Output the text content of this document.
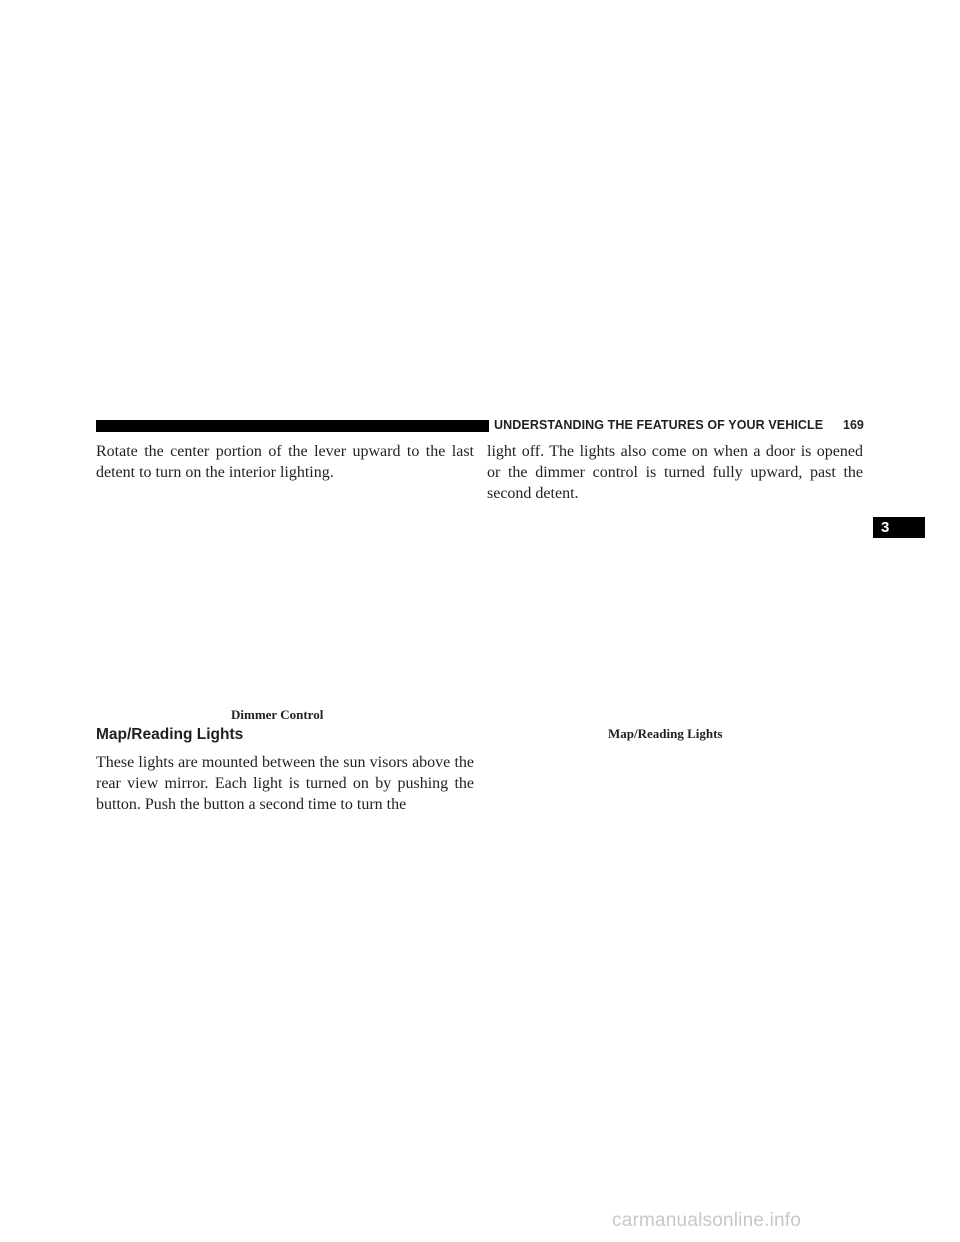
UNDERSTANDING THE FEATURES OF YOUR VEHICLE 169

Rotate the center portion of the lever upward to the last detent to turn on the interior lighting.

Dimmer Control
Map/Reading Lights

These lights are mounted between the sun visors above the rear view mirror. Each light is turned on by pushing the button. Push the button a second time to turn the

light off. The lights also come on when a door is opened or the dimmer control is turned fully upward, past the second detent.

Map/Reading Lights
3
carmanualsonline.info
